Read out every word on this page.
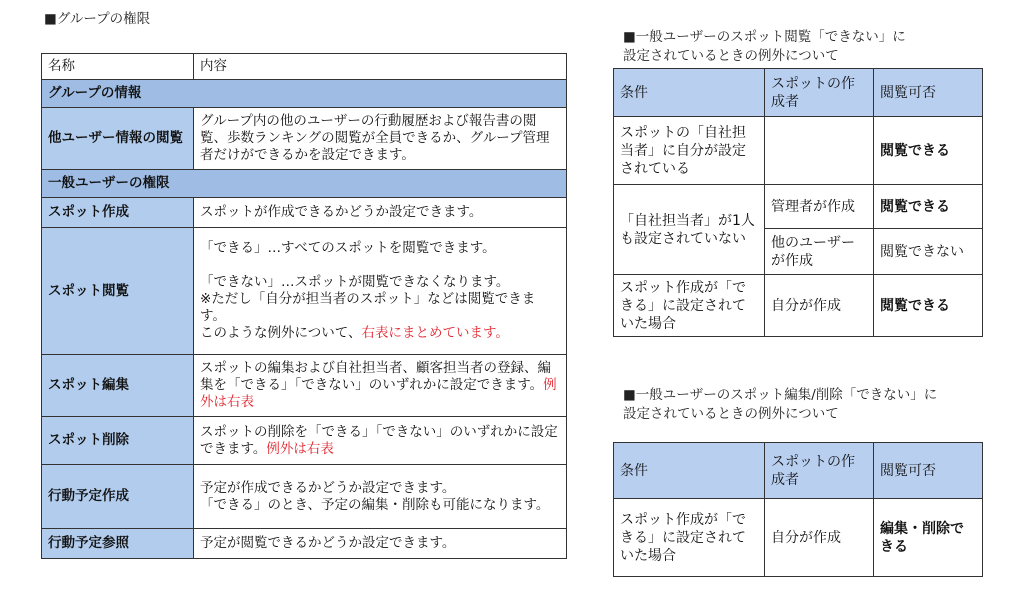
■グループの権限
名称	内容
グループの情報	
他ユーザー情報の閲覧	グループ内の他のユーザーの行動履歴および報告書の閲覧、歩数ランキングの閲覧が全員できるか、グループ管理者だけができるかを設定できます。
一般ユーザーの権限	
スポット作成	スポットが作成できるかどうか設定できます。
スポット閲覧	「できる」…すべてのスポットを閲覧できます。
「できない」…スポットが閲覧できなくなります。
※ただし「自分が担当者のスポット」などは閲覧できます。
このような例外について、右表にまとめています。

スポット編集	スポットの編集および自社担当者、顧客担当者の登録、編集を「できる」「できない」のいずれかに設定できます。例外は右表
スポット削除	スポットの削除を「できる」「できない」のいずれかに設定できます。例外は右表
行動予定作成	予定が作成できるかどうか設定できます。
「できる」のとき、予定の編集・削除も可能になります。

行動予定参照	予定が閲覧できるかどうか設定できます。
■一般ユーザーのスポット閲覧「できない」に
設定されているときの例外について
条件	スポットの作成者	閲覧可否
スポットの「自社担当者」に自分が設定されている		閲覧できる
「自社担当者」が1人も設定されていない	管理者が作成	閲覧できる
	他のユーザーが作成	閲覧できない
スポット作成が「できる」に設定されていた場合	自分が作成	閲覧できる
■一般ユーザーのスポット編集/削除「できない」に
設定されているときの例外について
条件	スポットの作成者	閲覧可否
スポット作成が「できる」に設定されていた場合	自分が作成	編集・削除できる
